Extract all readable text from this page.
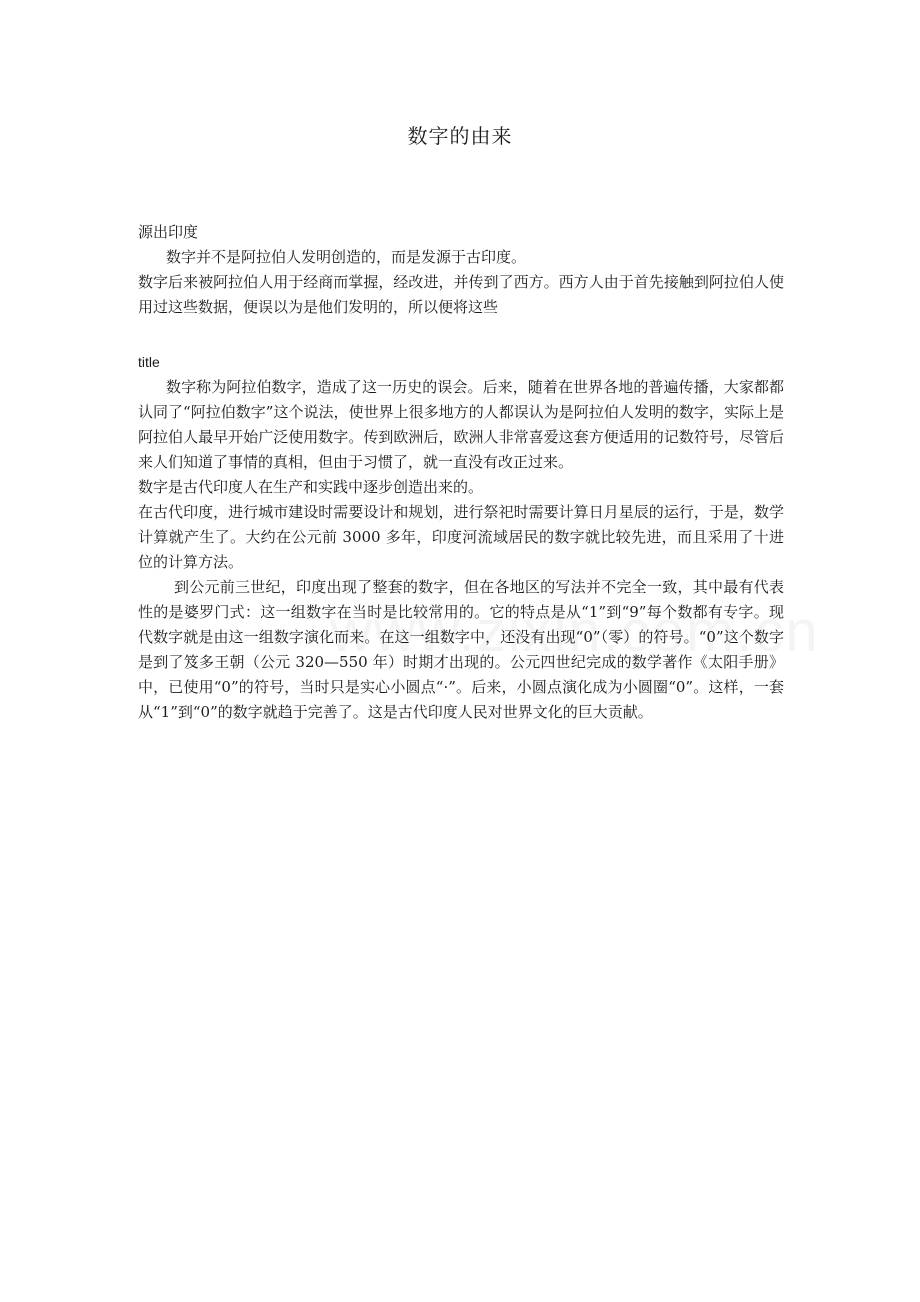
数字的由来

源出印度

数字并不是阿拉伯人发明创造的，而是发源于古印度。

数字后来被阿拉伯人用于经商而掌握，经改进，并传到了西方。西方人由于首先接触到阿拉伯人使用过这些数据，便误以为是他们发明的，所以便将这些

title

数字称为阿拉伯数字，造成了这一历史的误会。后来，随着在世界各地的普遍传播，大家都都认同了“阿拉伯数字”这个说法，使世界上很多地方的人都误认为是阿拉伯人发明的数字，实际上是阿拉伯人最早开始广泛使用数字。传到欧洲后，欧洲人非常喜爱这套方便适用的记数符号，尽管后来人们知道了事情的真相，但由于习惯了，就一直没有改正过来。

数字是古代印度人在生产和实践中逐步创造出来的。

在古代印度，进行城市建设时需要设计和规划，进行祭祀时需要计算日月星辰的运行，于是，数学计算就产生了。大约在公元前 3000 多年，印度河流域居民的数字就比较先进，而且采用了十进位的计算方法。

到公元前三世纪，印度出现了整套的数字，但在各地区的写法并不完全一致，其中最有代表性的是婆罗门式：这一组数字在当时是比较常用的。它的特点是从“1”到“9”每个数都有专字。现代数字就是由这一组数字演化而来。在这一组数字中，还没有出现“0”（零）的符号。“0”这个数字是到了笈多王朝（公元 320—550 年）时期才出现的。公元四世纪完成的数学著作《太阳手册》中，已使用“0”的符号，当时只是实心小圆点“·”。后来，小圆点演化成为小圆圈“0”。这样，一套从“1”到“0”的数字就趋于完善了。这是古代印度人民对世界文化的巨大贡献。
